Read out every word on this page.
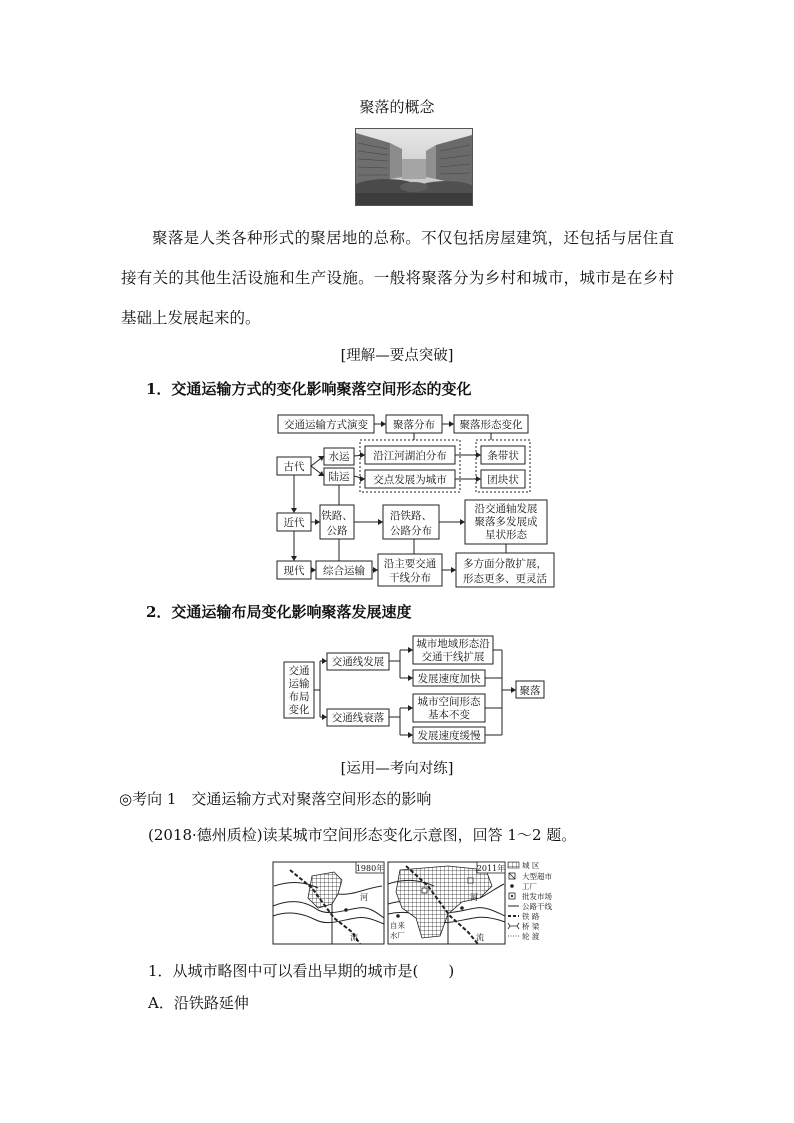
聚落的概念
聚落是人类各种形式的聚居地的总称。不仅包括房屋建筑，还包括与居住直接有关的其他生活设施和生产设施。一般将聚落分为乡村和城市，城市是在乡村基础上发展起来的。
[理解—要点突破]
1．交通运输方式的变化影响聚落空间形态的变化
交通运输方式演变 聚落分布 聚落形态变化
古代
水运
陆运
沿江河湖泊分布
交点发展为城市
条带状
团块状
近代
铁路、
公路
沿铁路、
公路分布
沿交通轴发展
聚落多发展成
星状形态
现代 综合运输
沿主要交通
干线分布
多方面分散扩展，
形态更多、更灵活
2．交通运输布局变化影响聚落发展速度
交通
运输
布局
变化
交通线发展
交通线衰落
城市地域形态沿
交通干线扩展
发展速度加快
城市空间形态
基本不变
发展速度缓慢
聚落
[运用—考向对练]
◎考向 1　交通运输方式对聚落空间形态的影响
(2018·德州质检)读某城市空间形态变化示意图，回答 1～2 题。
1980年
河
流
2011年
河
流
自来
水厂
城 区
大型超市
工厂
批发市场
公路干线
铁 路
桥 梁
轮 渡
1．从城市略图中可以看出早期的城市是(　　)
A．沿铁路延伸
